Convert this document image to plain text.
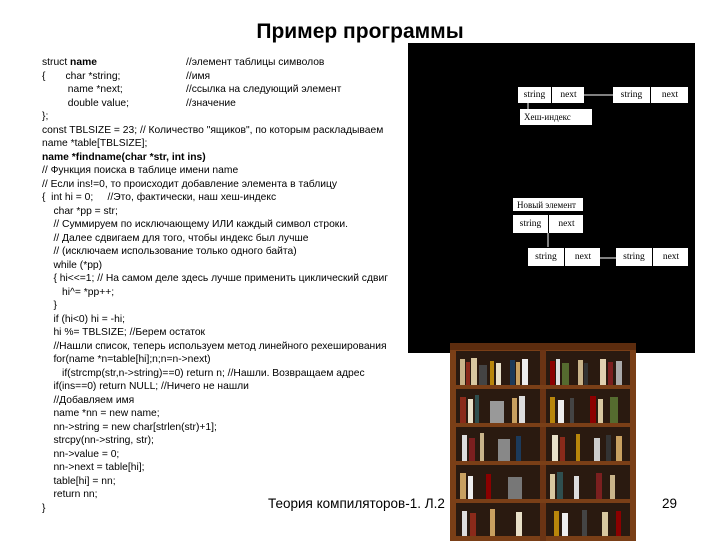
Пример программы
struct name	//элемент таблицы символов
{       char *string;	//имя
name *next;	//ссылка на следующий элемент
double value;	//значение
};
const TBLSIZE = 23; // Количество "ящиков", по которым раскладываем
name *table[TBLSIZE];
name *findname(char *str, int ins)
// Функция поиска в таблице имени name
// Если ins!=0, то происходит добавление элемента в таблицу
{  int hi = 0;     //Это, фактически, наш хеш-индекс
char *pp = str;
// Суммируем по исключающему ИЛИ каждый символ строки.
// Далее сдвигаем для того, чтобы индекс был лучше
// (исключаем использование только одного байта)
while (*pp)
{ hi<<=1; // На самом деле здесь лучше применить циклический сдвиг
hi^= *pp++;
}
if (hi<0) hi = -hi;
hi %= TBLSIZE; //Берем остаток
//Нашли список, теперь используем метод линейного рехеширования
for(name *n=table[hi];n;n=n->next)
if(strcmp(str,n->string)==0) return n; //Нашли. Возвращаем адрес
if(ins==0) return NULL; //Ничего не нашли
//Добавляем имя
name *nn = new name;
nn->string = new char[strlen(str)+1];
strcpy(nn->string, str);
nn->value = 0;
nn->next = table[hi];
table[hi] = nn;
return nn;
}
string	next	string	next
Хеш-индекс
Новый элемент
string	next
string	next	string	next
Теория компиляторов-1. Л.2	29
